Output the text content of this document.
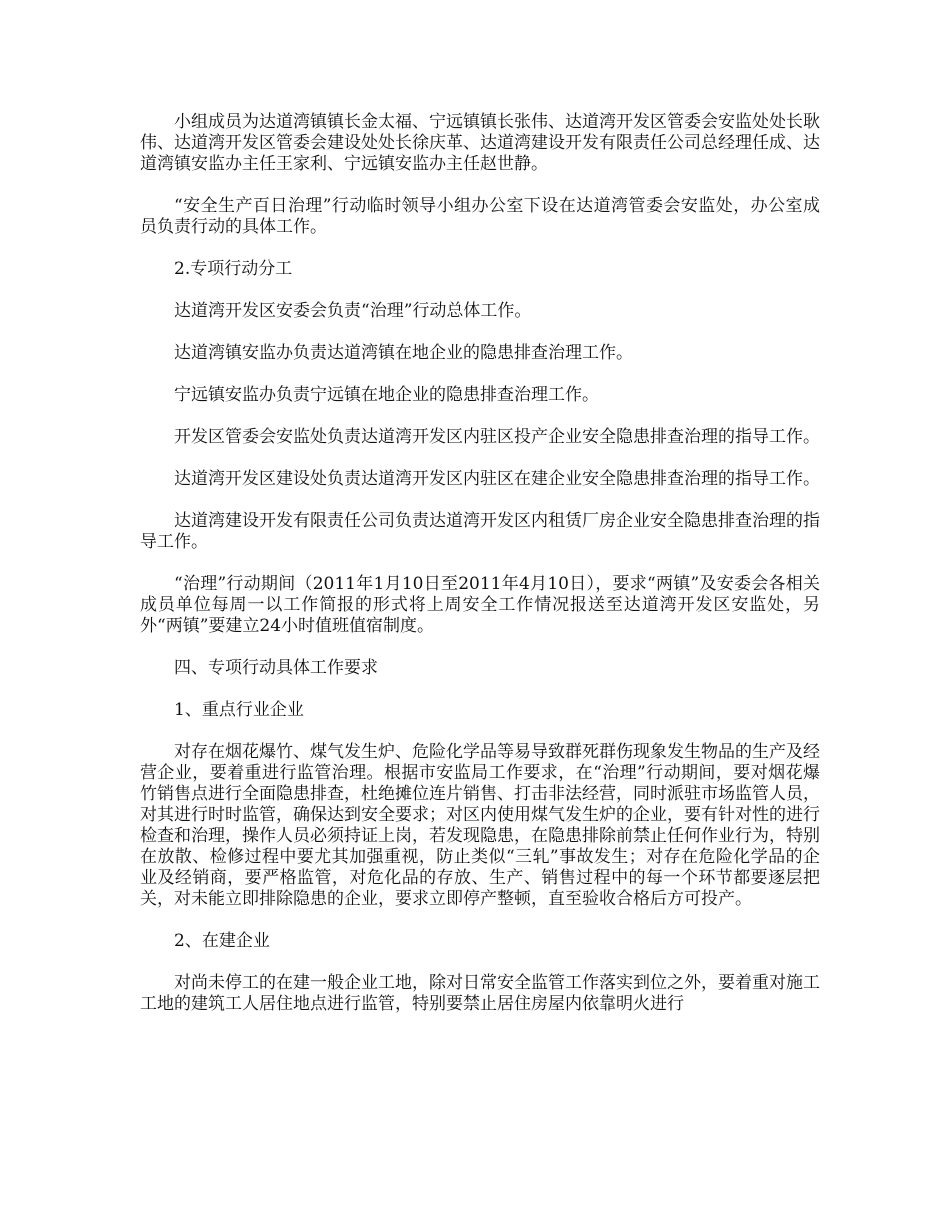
小组成员为达道湾镇镇长金太福、宁远镇镇长张伟、达道湾开发区管委会安监处处长耿伟、达道湾开发区管委会建设处处长徐庆革、达道湾建设开发有限责任公司总经理任成、达道湾镇安监办主任王家利、宁远镇安监办主任赵世静。

“安全生产百日治理”行动临时领导小组办公室下设在达道湾管委会安监处，办公室成员负责行动的具体工作。

2.专项行动分工

达道湾开发区安委会负责“治理”行动总体工作。

达道湾镇安监办负责达道湾镇在地企业的隐患排查治理工作。

宁远镇安监办负责宁远镇在地企业的隐患排查治理工作。

开发区管委会安监处负责达道湾开发区内驻区投产企业安全隐患排查治理的指导工作。

达道湾开发区建设处负责达道湾开发区内驻区在建企业安全隐患排查治理的指导工作。

达道湾建设开发有限责任公司负责达道湾开发区内租赁厂房企业安全隐患排查治理的指导工作。

“治理”行动期间（2011年1月10日至2011年4月10日），要求“两镇”及安委会各相关成员单位每周一以工作简报的形式将上周安全工作情况报送至达道湾开发区安监处，另外“两镇”要建立24小时值班值宿制度。

四、专项行动具体工作要求

1、重点行业企业

对存在烟花爆竹、煤气发生炉、危险化学品等易导致群死群伤现象发生物品的生产及经营企业，要着重进行监管治理。根据市安监局工作要求，在“治理”行动期间，要对烟花爆竹销售点进行全面隐患排查，杜绝摊位连片销售、打击非法经营，同时派驻市场监管人员，对其进行时时监管，确保达到安全要求；对区内使用煤气发生炉的企业，要有针对性的进行检查和治理，操作人员必须持证上岗，若发现隐患，在隐患排除前禁止任何作业行为，特别在放散、检修过程中要尤其加强重视，防止类似“三轧”事故发生；对存在危险化学品的企业及经销商，要严格监管，对危化品的存放、生产、销售过程中的每一个环节都要逐层把关，对未能立即排除隐患的企业，要求立即停产整顿，直至验收合格后方可投产。

2、在建企业

对尚未停工的在建一般企业工地，除对日常安全监管工作落实到位之外，要着重对施工工地的建筑工人居住地点进行监管，特别要禁止居住房屋内依靠明火进行
